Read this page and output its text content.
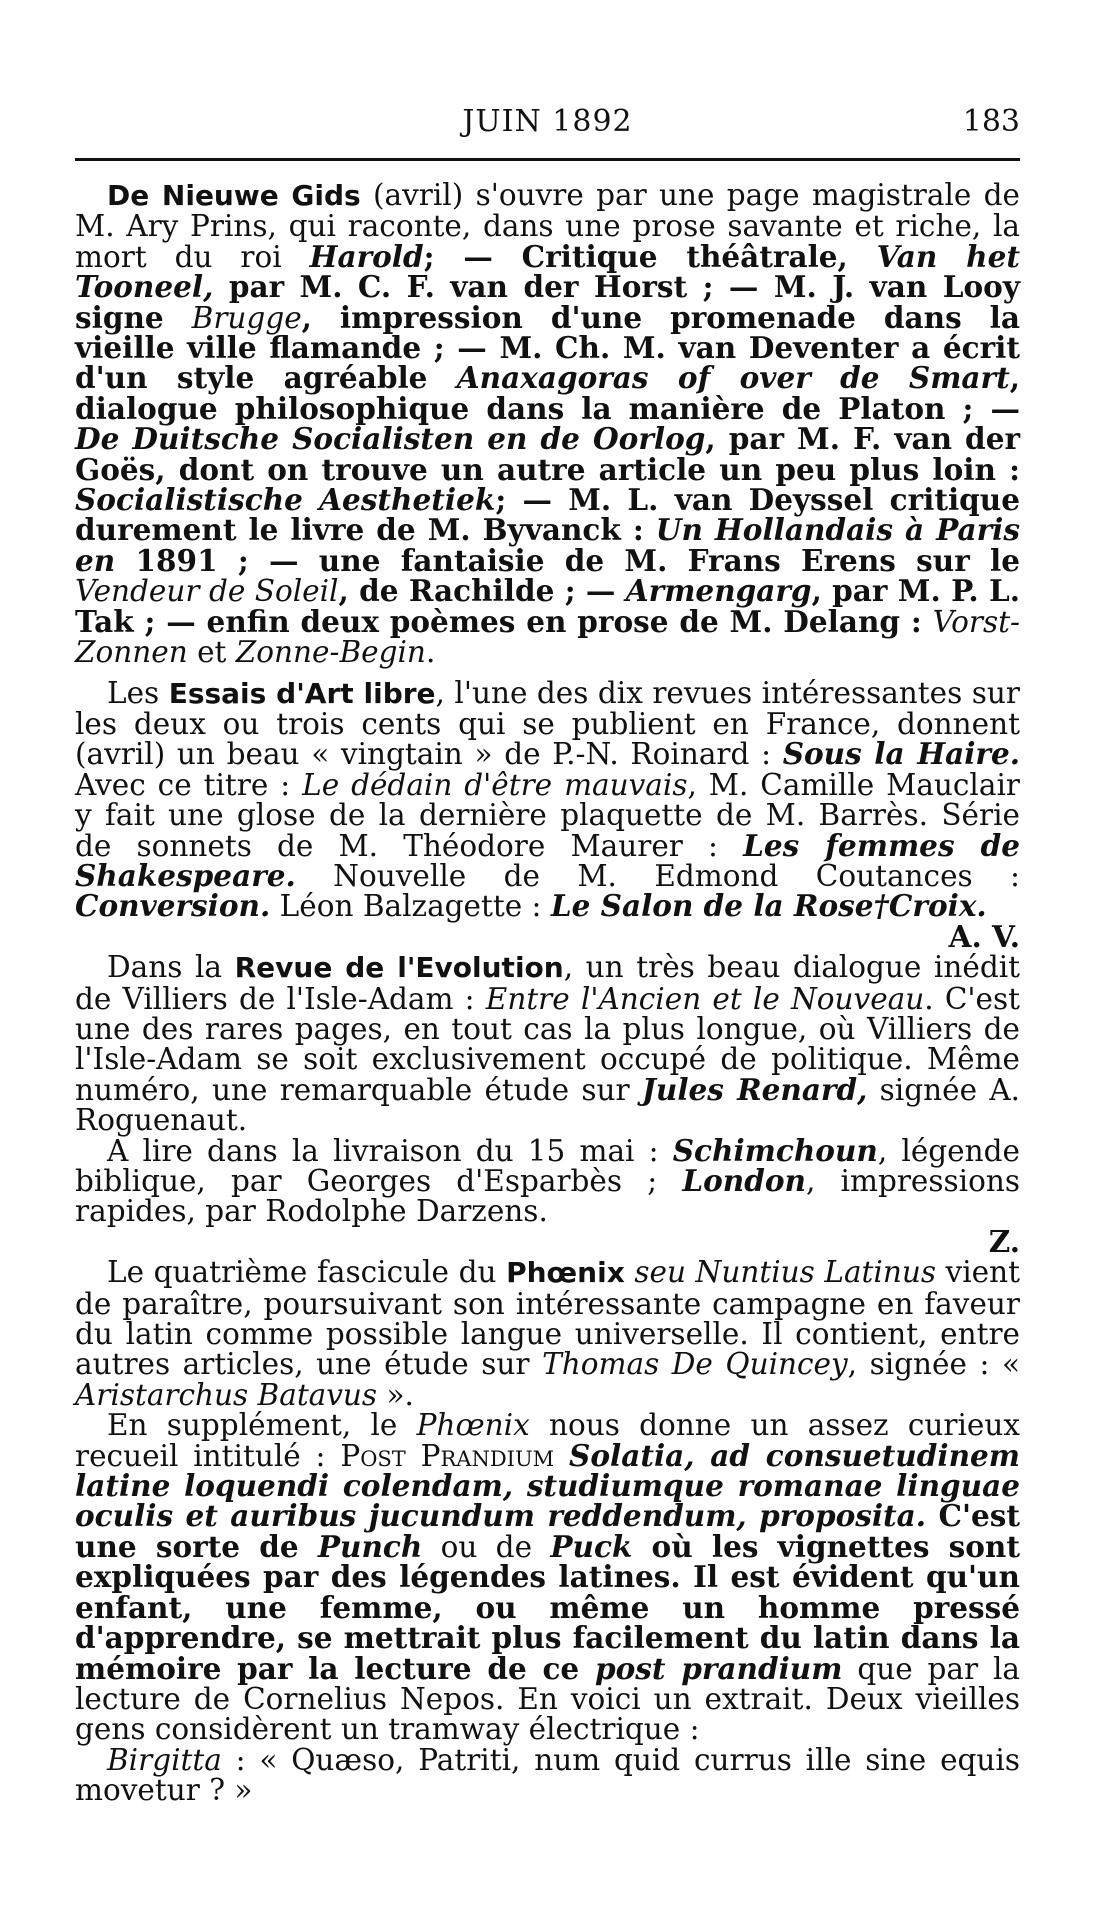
JUIN 1892	183

De Nieuwe Gids (avril) s'ouvre par une page magistrale de M. Ary Prins, qui raconte, dans une prose savante et riche, la mort du roi Harold; — Critique théâtrale, Van het Tooneel, par M. C. F. van der Horst ; — M. J. van Looy signe Brugge, impression d'une promenade dans la vieille ville flamande ; — M. Ch. M. van Deventer a écrit d'un style agréable Anaxagoras of over de Smart, dialogue philosophique dans la manière de Platon ; — De Duitsche Socialisten en de Oorlog, par M. F. van der Goës, dont on trouve un autre article un peu plus loin : Socialistische Aesthetiek; — M. L. van Deyssel critique durement le livre de M. Byvanck : Un Hollandais à Paris en 1891 ; — une fantaisie de M. Frans Erens sur le Vendeur de Soleil, de Rachilde ; — Armengarg, par M. P. L. Tak ; — enfin deux poèmes en prose de M. Delang : Vorst-Zonnen et Zonne-Begin.

Les Essais d'Art libre, l'une des dix revues intéressantes sur les deux ou trois cents qui se publient en France, donnent (avril) un beau « vingtain » de P.-N. Roinard : Sous la Haire. Avec ce titre : Le dédain d'être mauvais, M. Camille Mauclair y fait une glose de la dernière plaquette de M. Barrès. Série de sonnets de M. Théodore Maurer : Les femmes de Shakespeare. Nouvelle de M. Edmond Coutances : Conversion. Léon Balzagette : Le Salon de la Rose†Croix.

A. V.

Dans la Revue de l'Evolution, un très beau dialogue inédit de Villiers de l'Isle-Adam : Entre l'Ancien et le Nouveau. C'est une des rares pages, en tout cas la plus longue, où Villiers de l'Isle-Adam se soit exclusivement occupé de politique. Même numéro, une remarquable étude sur Jules Renard, signée A. Roguenaut.

A lire dans la livraison du 15 mai : Schimchoun, légende biblique, par Georges d'Esparbès ; London, impressions rapides, par Rodolphe Darzens.

Z.

Le quatrième fascicule du Phœnix seu Nuntius Latinus vient de paraître, poursuivant son intéressante campagne en faveur du latin comme possible langue universelle. Il contient, entre autres articles, une étude sur Thomas De Quincey, signée : « Aristarchus Batavus ».

En supplément, le Phœnix nous donne un assez curieux recueil intitulé : Post Prandium Solatia, ad consuetudinem latine loquendi colendam, studiumque romanae linguae oculis et auribus jucundum reddendum, proposita. C'est une sorte de Punch ou de Puck où les vignettes sont expliquées par des légendes latines. Il est évident qu'un enfant, une femme, ou même un homme pressé d'apprendre, se mettrait plus facilement du latin dans la mémoire par la lecture de ce post prandium que par la lecture de Cornelius Nepos. En voici un extrait. Deux vieilles gens considèrent un tramway électrique :

Birgitta : « Quæso, Patriti, num quid currus ille sine equis movetur ? »
